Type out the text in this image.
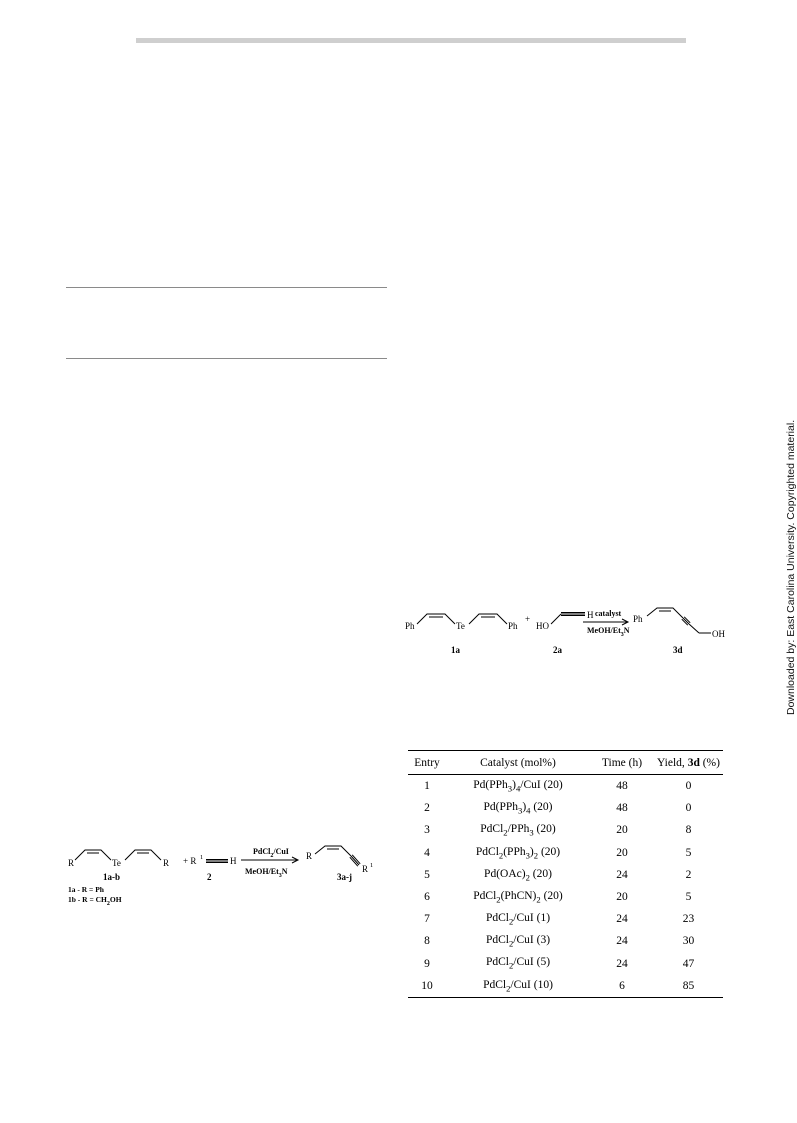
Downloaded by: East Carolina University. Copyrighted material.
Ph	Te	Ph
1a
+
HO
H
2a
catalyst
MeOH/$Et_3N$
Ph
OH
3d
R	Te	R
1a-b
1a - R = Ph
$1b - R = CH_2OH$
+ R 1	H
2
PdCl$_2$/CuI
MeOH/$Et_3N$
R
R 1
3a-j
Entry	Catalyst (mol%)	Time (h)	Yield, 3d (%)
1	$Pd(PPh_3)_4$/CuI (20)	48	0
2	$Pd(PPh_3)_4$ (20)	48	0
3	PdCl$_2$/PPh$_3$ (20)	20	8
4	$PdCl_2(PPh_3)_2$ (20)	20	5
5	$Pd(OAc)_2$ (20)	24	2
6	$PdCl_2(PhCN)_2$ (20)	20	5
7	PdCl$_2$/CuI (1)	24	23
8	PdCl$_2$/CuI (3)	24	30
9	PdCl$_2$/CuI (5)	24	47
10	PdCl$_2$/CuI (10)	6	85
